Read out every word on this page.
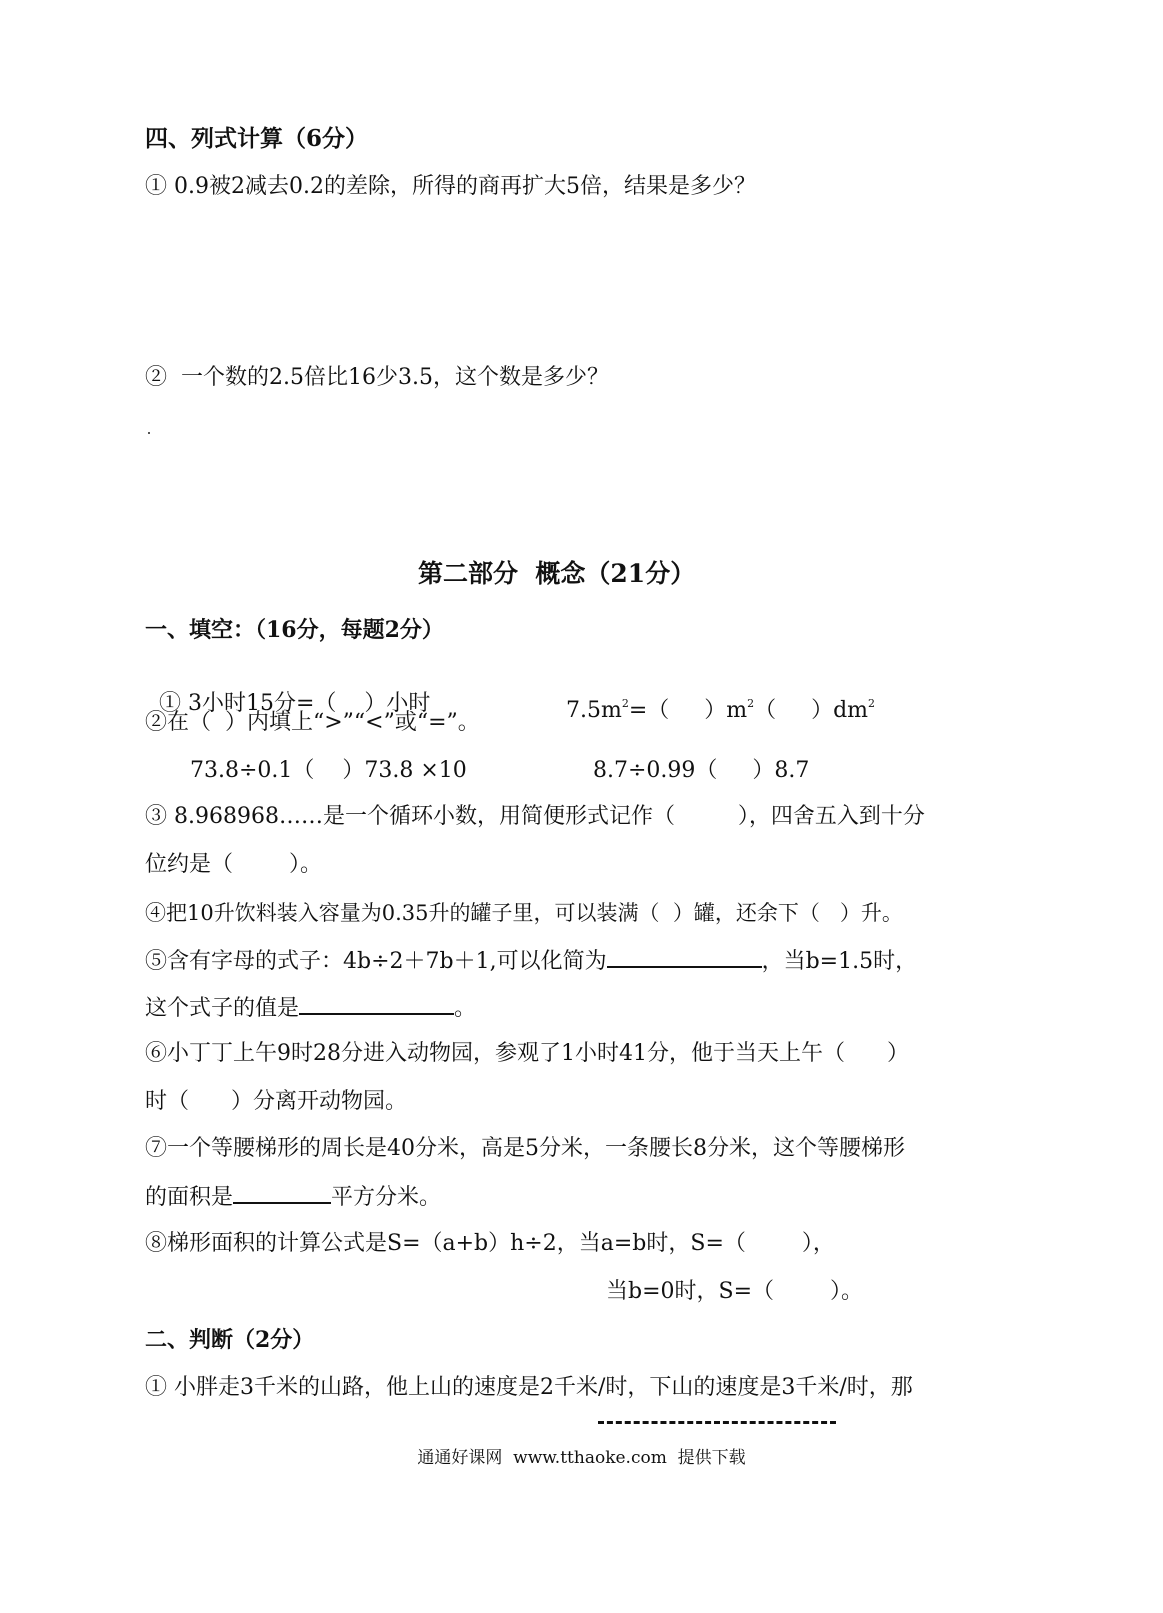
四、列式计算（6分）
① 0.9被2减去0.2的差除，所得的商再扩大5倍，结果是多少？
②  一个数的2.5倍比16少3.5，这个数是多少？
第二部分  概念（21分）
一、填空：（16分，每题2分）

① 3小时15分=（    ）小时	$7.5m^2=$（     ）$m^2$（     ）$dm^2$

②在（  ）内填上“>”“<”或“=”。
73.8÷0.1（    ）73.8 ×10	8.7÷0.99（     ）8.7
③ 8.968968……是一个循环小数，用简便形式记作（         ），四舍五入到十分
位约是（        ）。
④把10升饮料装入容量为0.35升的罐子里，可以装满（  ）罐，还余下（   ）升。
⑤含有字母的式子：4b÷2＋7b＋1,可以化简为	，当b=1.5时，
这个式子的值是	。
⑥小丁丁上午9时28分进入动物园，参观了1小时41分，他于当天上午（      ）
时（      ）分离开动物园。
⑦一个等腰梯形的周长是40分米，高是5分米，一条腰长8分米，这个等腰梯形
的面积是	平方分米。
⑧梯形面积的计算公式是S=（a+b）h÷2，当a=b时，S=（        ），
当b=0时，S=（        ）。
二、判断（2分）
① 小胖走3千米的山路，他上山的速度是2千米/时，下山的速度是3千米/时，那
通通好课网  www.tthaoke.com  提供下载
